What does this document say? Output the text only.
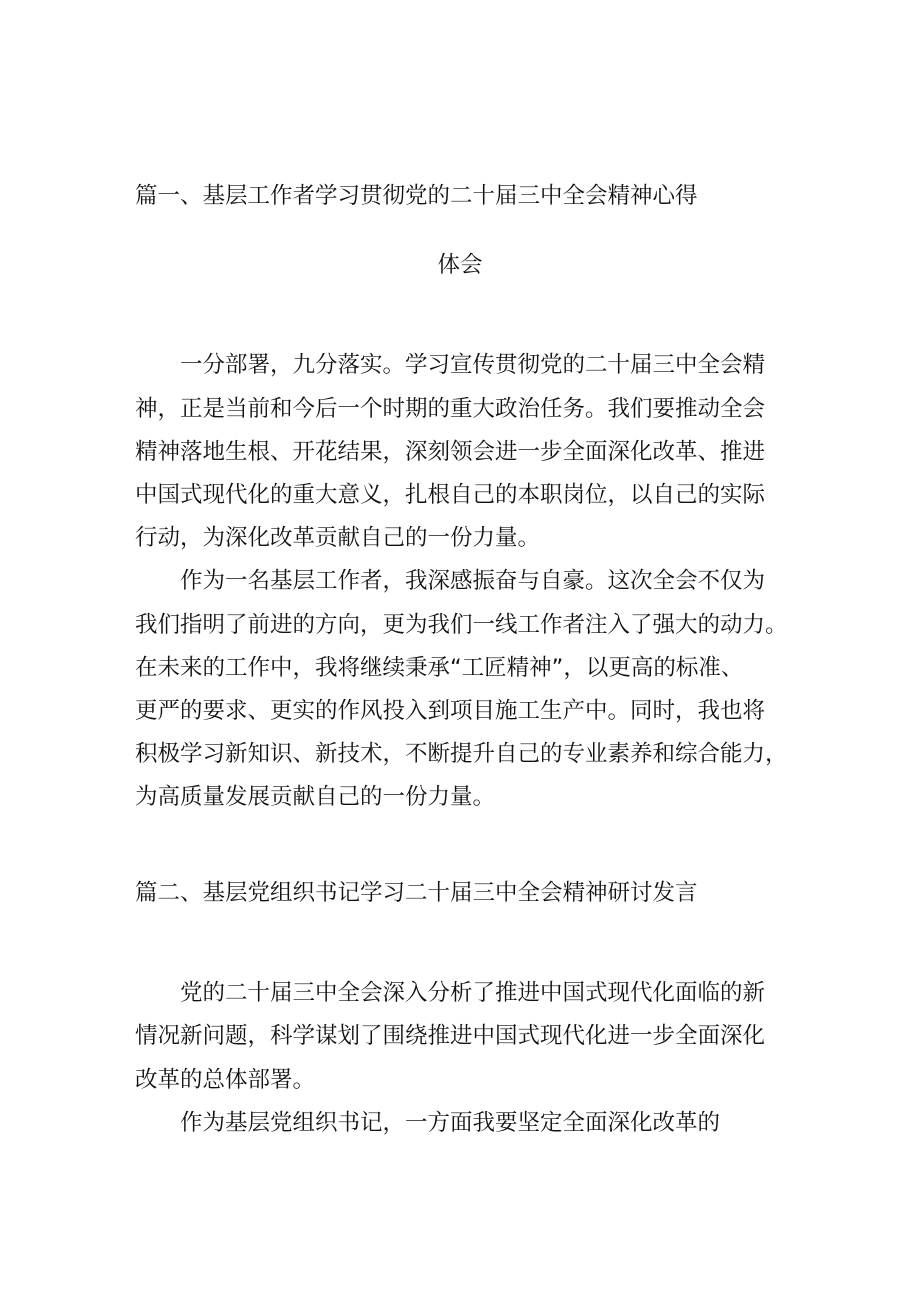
篇一、基层工作者学习贯彻党的二十届三中全会精神心得
体会
一分部署，九分落实。学习宣传贯彻党的二十届三中全会精
神，正是当前和今后一个时期的重大政治任务。我们要推动全会
精神落地生根、开花结果，深刻领会进一步全面深化改革、推进
中国式现代化的重大意义，扎根自己的本职岗位，以自己的实际
行动，为深化改革贡献自己的一份力量。
作为一名基层工作者，我深感振奋与自豪。这次全会不仅为
我们指明了前进的方向，更为我们一线工作者注入了强大的动力。
在未来的工作中，我将继续秉承“工匠精神”，以更高的标准、
更严的要求、更实的作风投入到项目施工生产中。同时，我也将
积极学习新知识、新技术，不断提升自己的专业素养和综合能力，
为高质量发展贡献自己的一份力量。
篇二、基层党组织书记学习二十届三中全会精神研讨发言
党的二十届三中全会深入分析了推进中国式现代化面临的新
情况新问题，科学谋划了围绕推进中国式现代化进一步全面深化
改革的总体部署。
作为基层党组织书记，一方面我要坚定全面深化改革的
